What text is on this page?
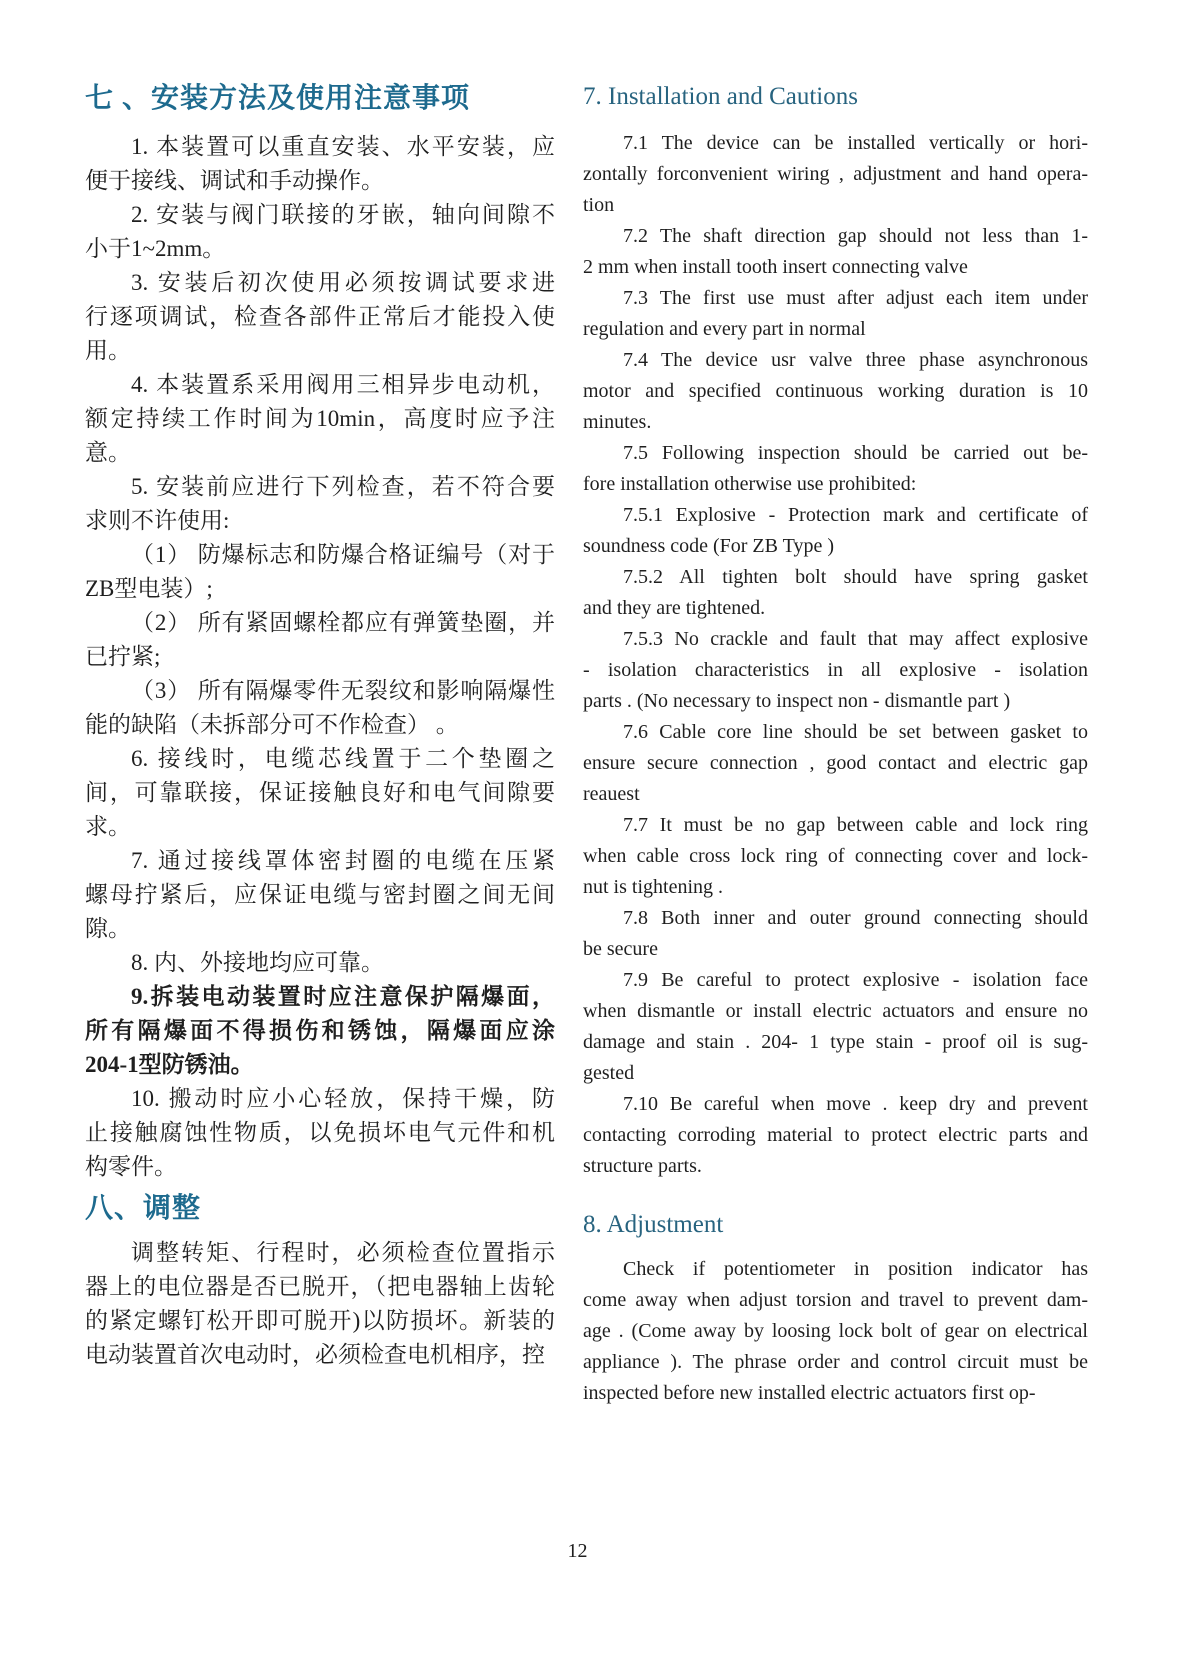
七 、安装方法及使用注意事项
1. 本装置可以重直安装、水平安装，应
便于接线、调试和手动操作。
2. 安装与阀门联接的牙嵌，轴向间隙不
小于1~2mm。
3. 安装后初次使用必须按调试要求进
行逐项调试，检查各部件正常后才能投入使
用。
4. 本装置系采用阀用三相异步电动机，
额定持续工作时间为10min，高度时应予注
意。
5. 安装前应进行下列检查，若不符合要
求则不许使用:
（1） 防爆标志和防爆合格证编号（对于
ZB型电装）;
（2） 所有紧固螺栓都应有弹簧垫圈，并
已拧紧;
（3） 所有隔爆零件无裂纹和影响隔爆性
能的缺陷（未拆部分可不作检查） 。
6. 接线时，电缆芯线置于二个垫圈之
间，可靠联接，保证接触良好和电气间隙要
求。
7. 通过接线罩体密封圈的电缆在压紧
螺母拧紧后，应保证电缆与密封圈之间无间
隙。
8. 内、外接地均应可靠。
9.拆装电动装置时应注意保护隔爆面，
所有隔爆面不得损伤和锈蚀，隔爆面应涂
204-1型防锈油。
10. 搬动时应小心轻放，保持干燥，防
止接触腐蚀性物质，以免损坏电气元件和机
构零件。
八、调整
调整转矩、行程时，必须检查位置指示
器上的电位器是否已脱开，（把电器轴上齿轮
的紧定螺钉松开即可脱开)以防损坏。新装的
电动装置首次电动时，必须检查电机相序，控
7. Installation and Cautions
7.1 The device can be installed vertically or hori-
zontally forconvenient wiring , adjustment and hand opera-
tion
7.2 The shaft direction gap should not less than 1-
2 mm when install tooth insert connecting valve
7.3 The first use must after adjust each item under
regulation and every part in normal
7.4 The device usr valve three phase asynchronous
motor and specified continuous working duration is 10
minutes.
7.5 Following inspection should be carried out be-
fore installation otherwise use prohibited:
7.5.1 Explosive - Protection mark and certificate of
soundness code (For ZB Type )
7.5.2 All tighten bolt should have spring gasket
and they are tightened.
7.5.3 No crackle and fault that may affect explosive
- isolation characteristics in all explosive - isolation
parts . (No necessary to inspect non - dismantle part )
7.6 Cable core line should be set between gasket to
ensure secure connection , good contact and electric gap
reauest
7.7 It must be no gap between cable and lock ring
when cable cross lock ring of connecting cover and lock-
nut is tightening .
7.8 Both inner and outer ground connecting should
be secure
7.9 Be careful to protect explosive - isolation face
when dismantle or install electric actuators and ensure no
damage and stain . 204- 1 type stain - proof oil is sug-
gested
7.10 Be careful when move . keep dry and prevent
contacting corroding material to protect electric parts and
structure parts.
8. Adjustment
Check if potentiometer in position indicator has
come away when adjust torsion and travel to prevent dam-
age . (Come away by loosing lock bolt of gear on electrical
appliance ). The phrase order and control circuit must be
inspected before new installed electric actuators first op-
12
